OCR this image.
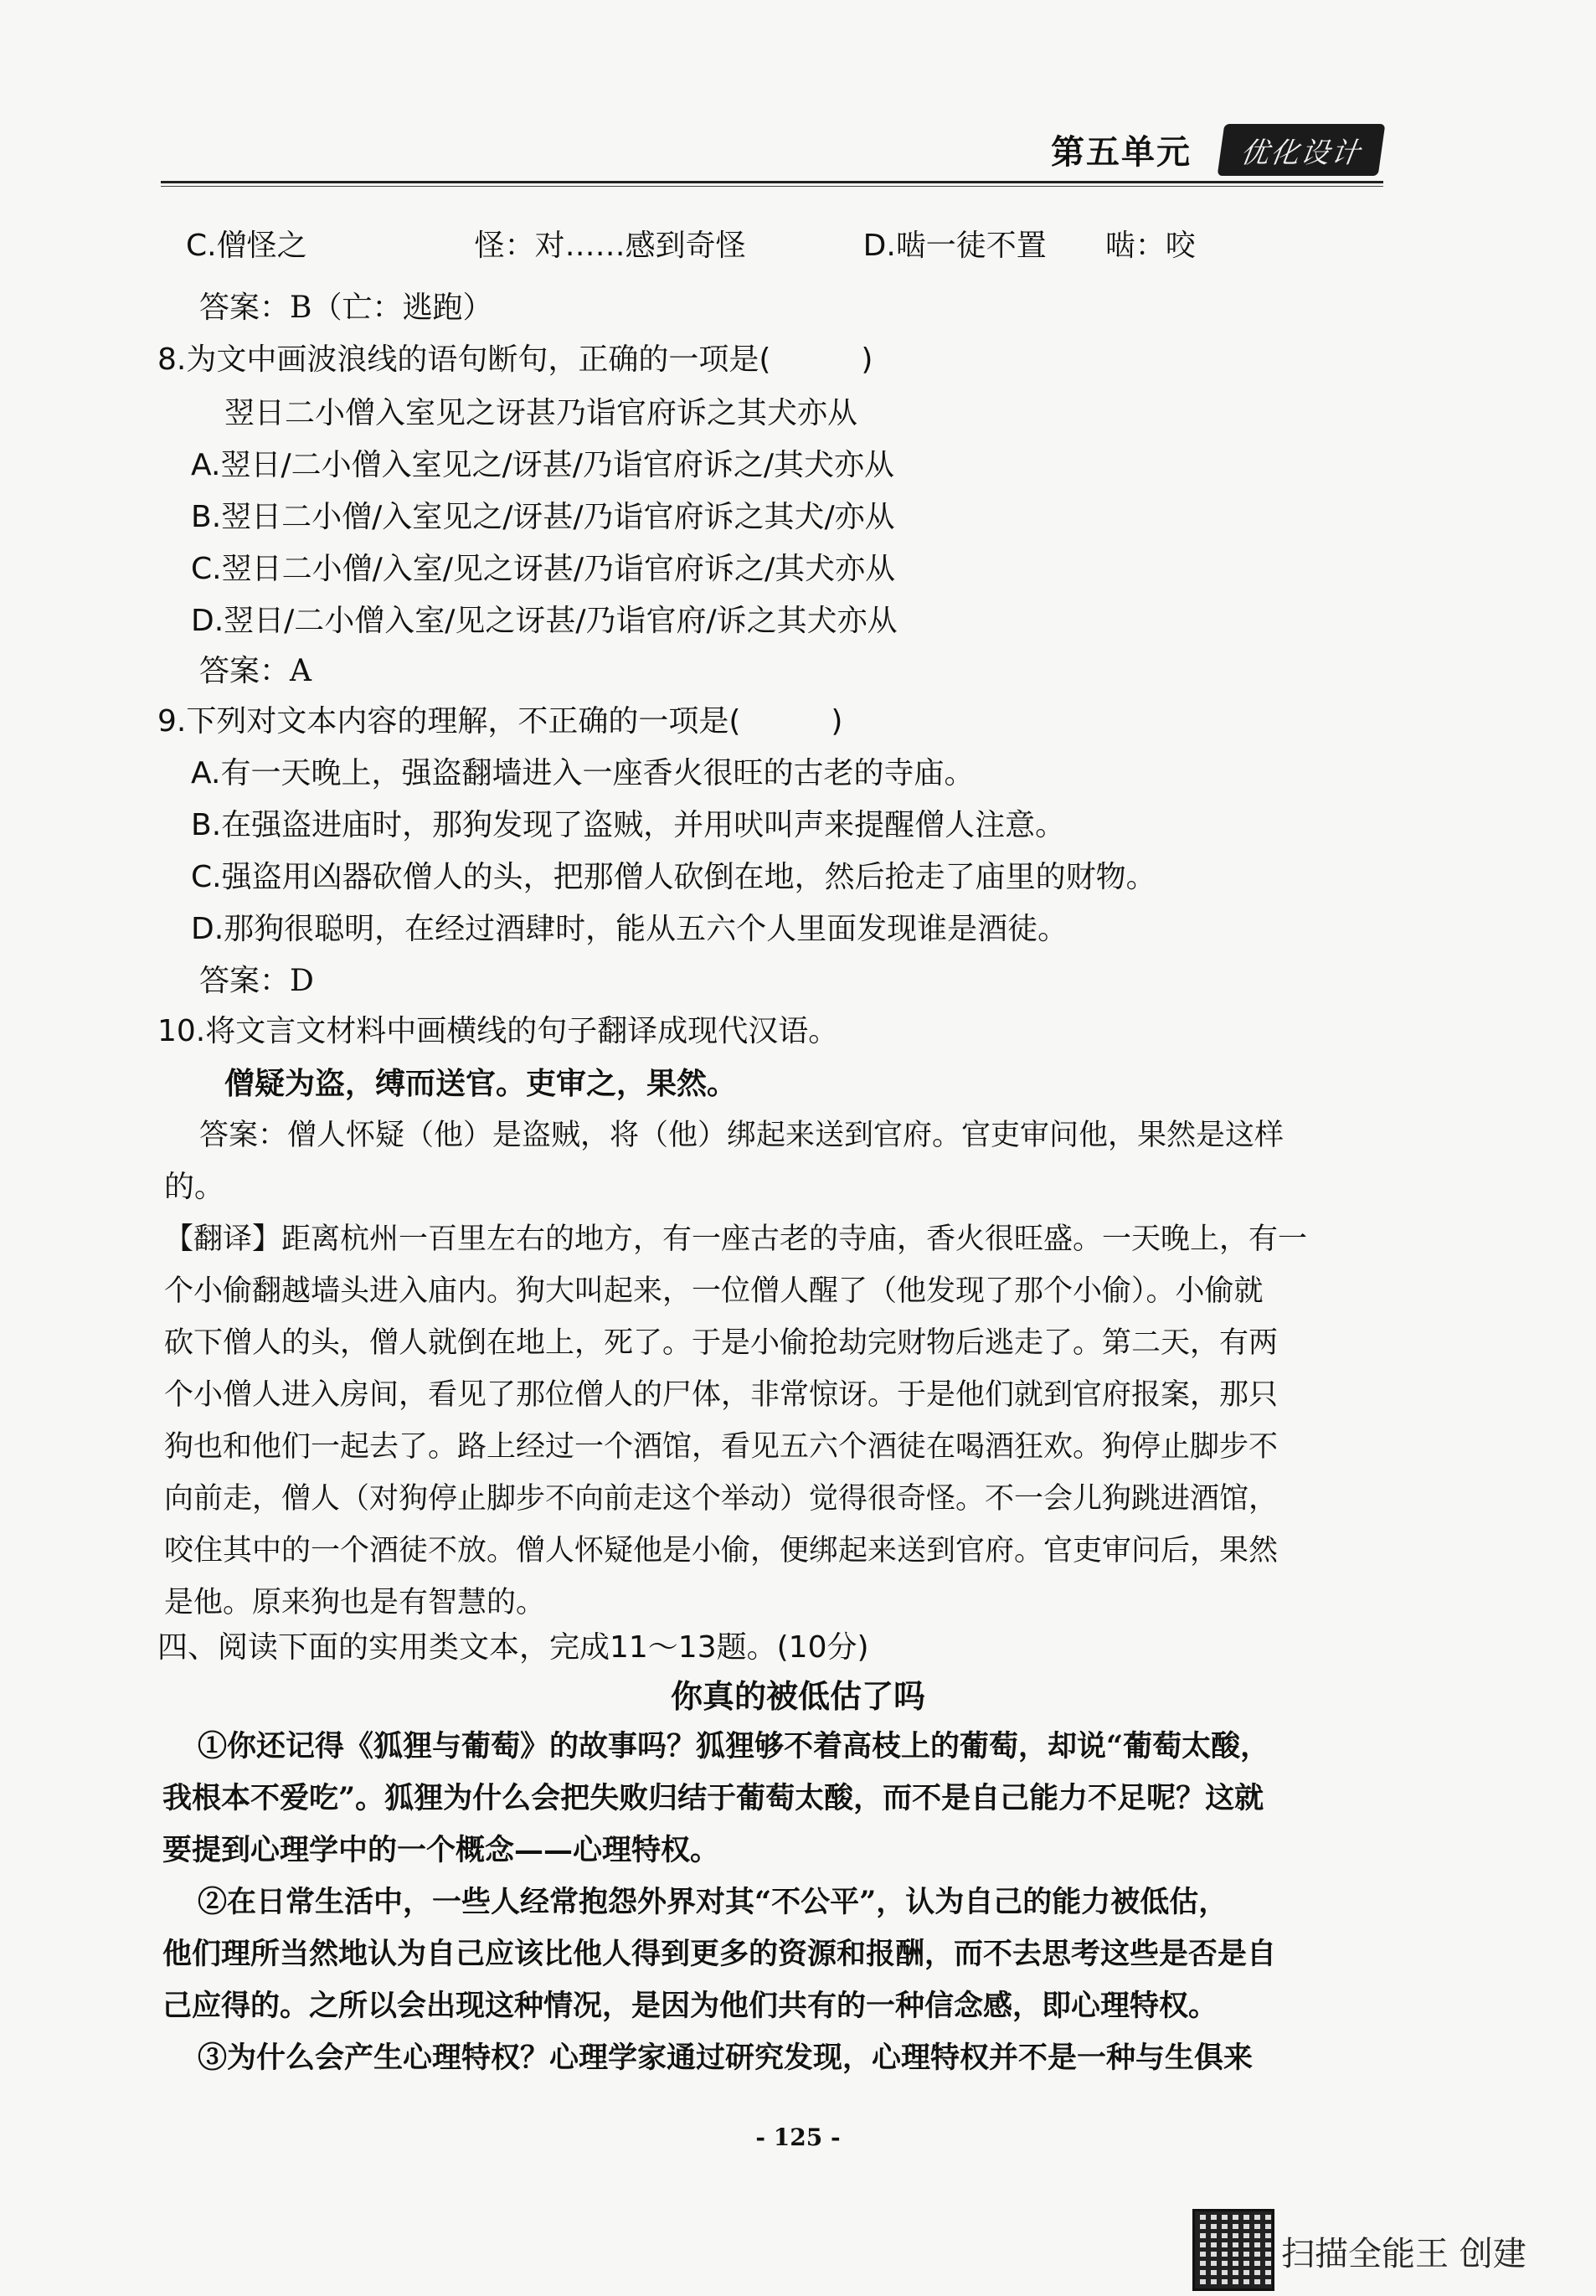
第五单元	优化设计
C.僧怪之	怪：对……感到奇怪	D.啮一徒不置 啮：咬
答案：B（亡：逃跑）
8.为文中画波浪线的语句断句，正确的一项是(　　　)
翌日二小僧入室见之讶甚乃诣官府诉之其犬亦从
A.翌日/二小僧入室见之/讶甚/乃诣官府诉之/其犬亦从
B.翌日二小僧/入室见之/讶甚/乃诣官府诉之其犬/亦从
C.翌日二小僧/入室/见之讶甚/乃诣官府诉之/其犬亦从
D.翌日/二小僧入室/见之讶甚/乃诣官府/诉之其犬亦从
答案：A
9.下列对文本内容的理解，不正确的一项是(　　　)
A.有一天晚上，强盗翻墙进入一座香火很旺的古老的寺庙。
B.在强盗进庙时，那狗发现了盗贼，并用吠叫声来提醒僧人注意。
C.强盗用凶器砍僧人的头，把那僧人砍倒在地，然后抢走了庙里的财物。
D.那狗很聪明，在经过酒肆时，能从五六个人里面发现谁是酒徒。
答案：D
10.将文言文材料中画横线的句子翻译成现代汉语。
僧疑为盗，缚而送官。吏审之，果然。
答案：僧人怀疑（他）是盗贼，将（他）绑起来送到官府。官吏审问他，果然是这样
的。
【翻译】距离杭州一百里左右的地方，有一座古老的寺庙，香火很旺盛。一天晚上，有一
个小偷翻越墙头进入庙内。狗大叫起来，一位僧人醒了（他发现了那个小偷）。小偷就
砍下僧人的头，僧人就倒在地上，死了。于是小偷抢劫完财物后逃走了。第二天，有两
个小僧人进入房间，看见了那位僧人的尸体，非常惊讶。于是他们就到官府报案，那只
狗也和他们一起去了。路上经过一个酒馆，看见五六个酒徒在喝酒狂欢。狗停止脚步不
向前走，僧人（对狗停止脚步不向前走这个举动）觉得很奇怪。不一会儿狗跳进酒馆，
咬住其中的一个酒徒不放。僧人怀疑他是小偷，便绑起来送到官府。官吏审问后，果然
是他。原来狗也是有智慧的。
四、阅读下面的实用类文本，完成11～13题。(10分)
你真的被低估了吗
①你还记得《狐狸与葡萄》的故事吗？狐狸够不着高枝上的葡萄，却说“葡萄太酸，
我根本不爱吃”。狐狸为什么会把失败归结于葡萄太酸，而不是自己能力不足呢？这就
要提到心理学中的一个概念——心理特权。
②在日常生活中，一些人经常抱怨外界对其“不公平”，认为自己的能力被低估，
他们理所当然地认为自己应该比他人得到更多的资源和报酬，而不去思考这些是否是自
己应得的。之所以会出现这种情况，是因为他们共有的一种信念感，即心理特权。
③为什么会产生心理特权？心理学家通过研究发现，心理特权并不是一种与生俱来
- 125 -
扫描全能王 创建
